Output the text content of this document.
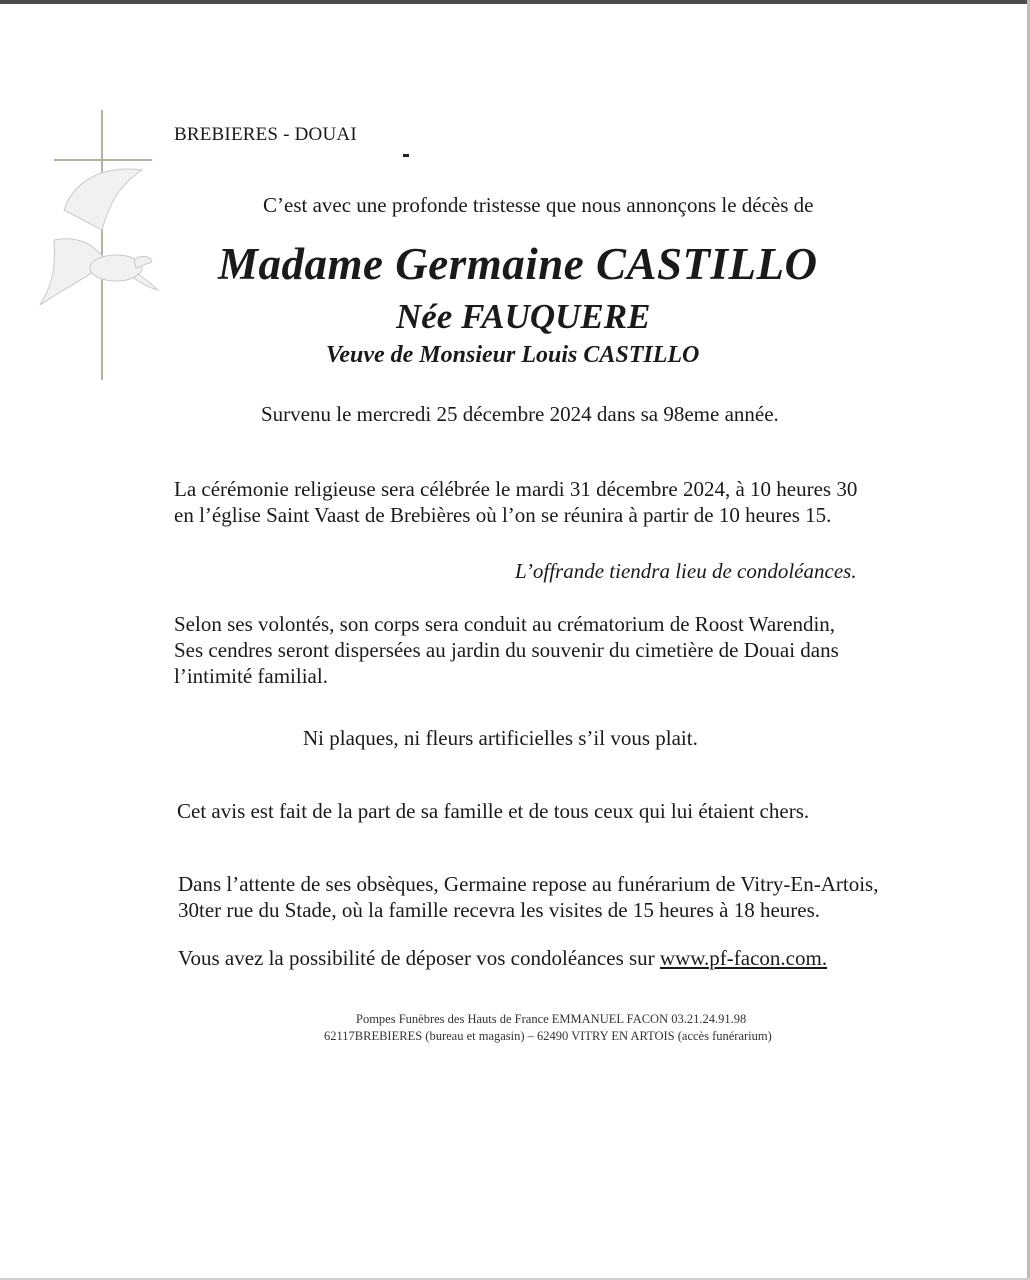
BREBIERES - DOUAI
C’est avec une profonde tristesse que nous annonçons le décès de
Madame Germaine CASTILLO
Née FAUQUERE
Veuve de Monsieur Louis CASTILLO
Survenu le mercredi 25 décembre 2024 dans sa 98eme année.
La cérémonie religieuse sera célébrée le mardi 31 décembre 2024, à 10 heures 30
en l’église Saint Vaast de Brebières où l’on se réunira à partir de 10 heures 15.
L’offrande tiendra lieu de condoléances.
Selon ses volontés, son corps sera conduit au crématorium de Roost Warendin,
Ses cendres seront dispersées au jardin du souvenir du cimetière de Douai dans
l’intimité familial.
Ni plaques, ni fleurs artificielles s’il vous plait.
Cet avis est fait de la part de sa famille et de tous ceux qui lui étaient chers.
Dans l’attente de ses obsèques, Germaine repose au funérarium de Vitry-En-Artois,
30ter rue du Stade, où la famille recevra les visites de 15 heures à 18 heures.
Vous avez la possibilité de déposer vos condoléances sur www.pf-facon.com.
Pompes Funèbres des Hauts de France EMMANUEL FACON 03.21.24.91.98
62117BREBIERES (bureau et magasin) – 62490 VITRY EN ARTOIS (accès funérarium)
